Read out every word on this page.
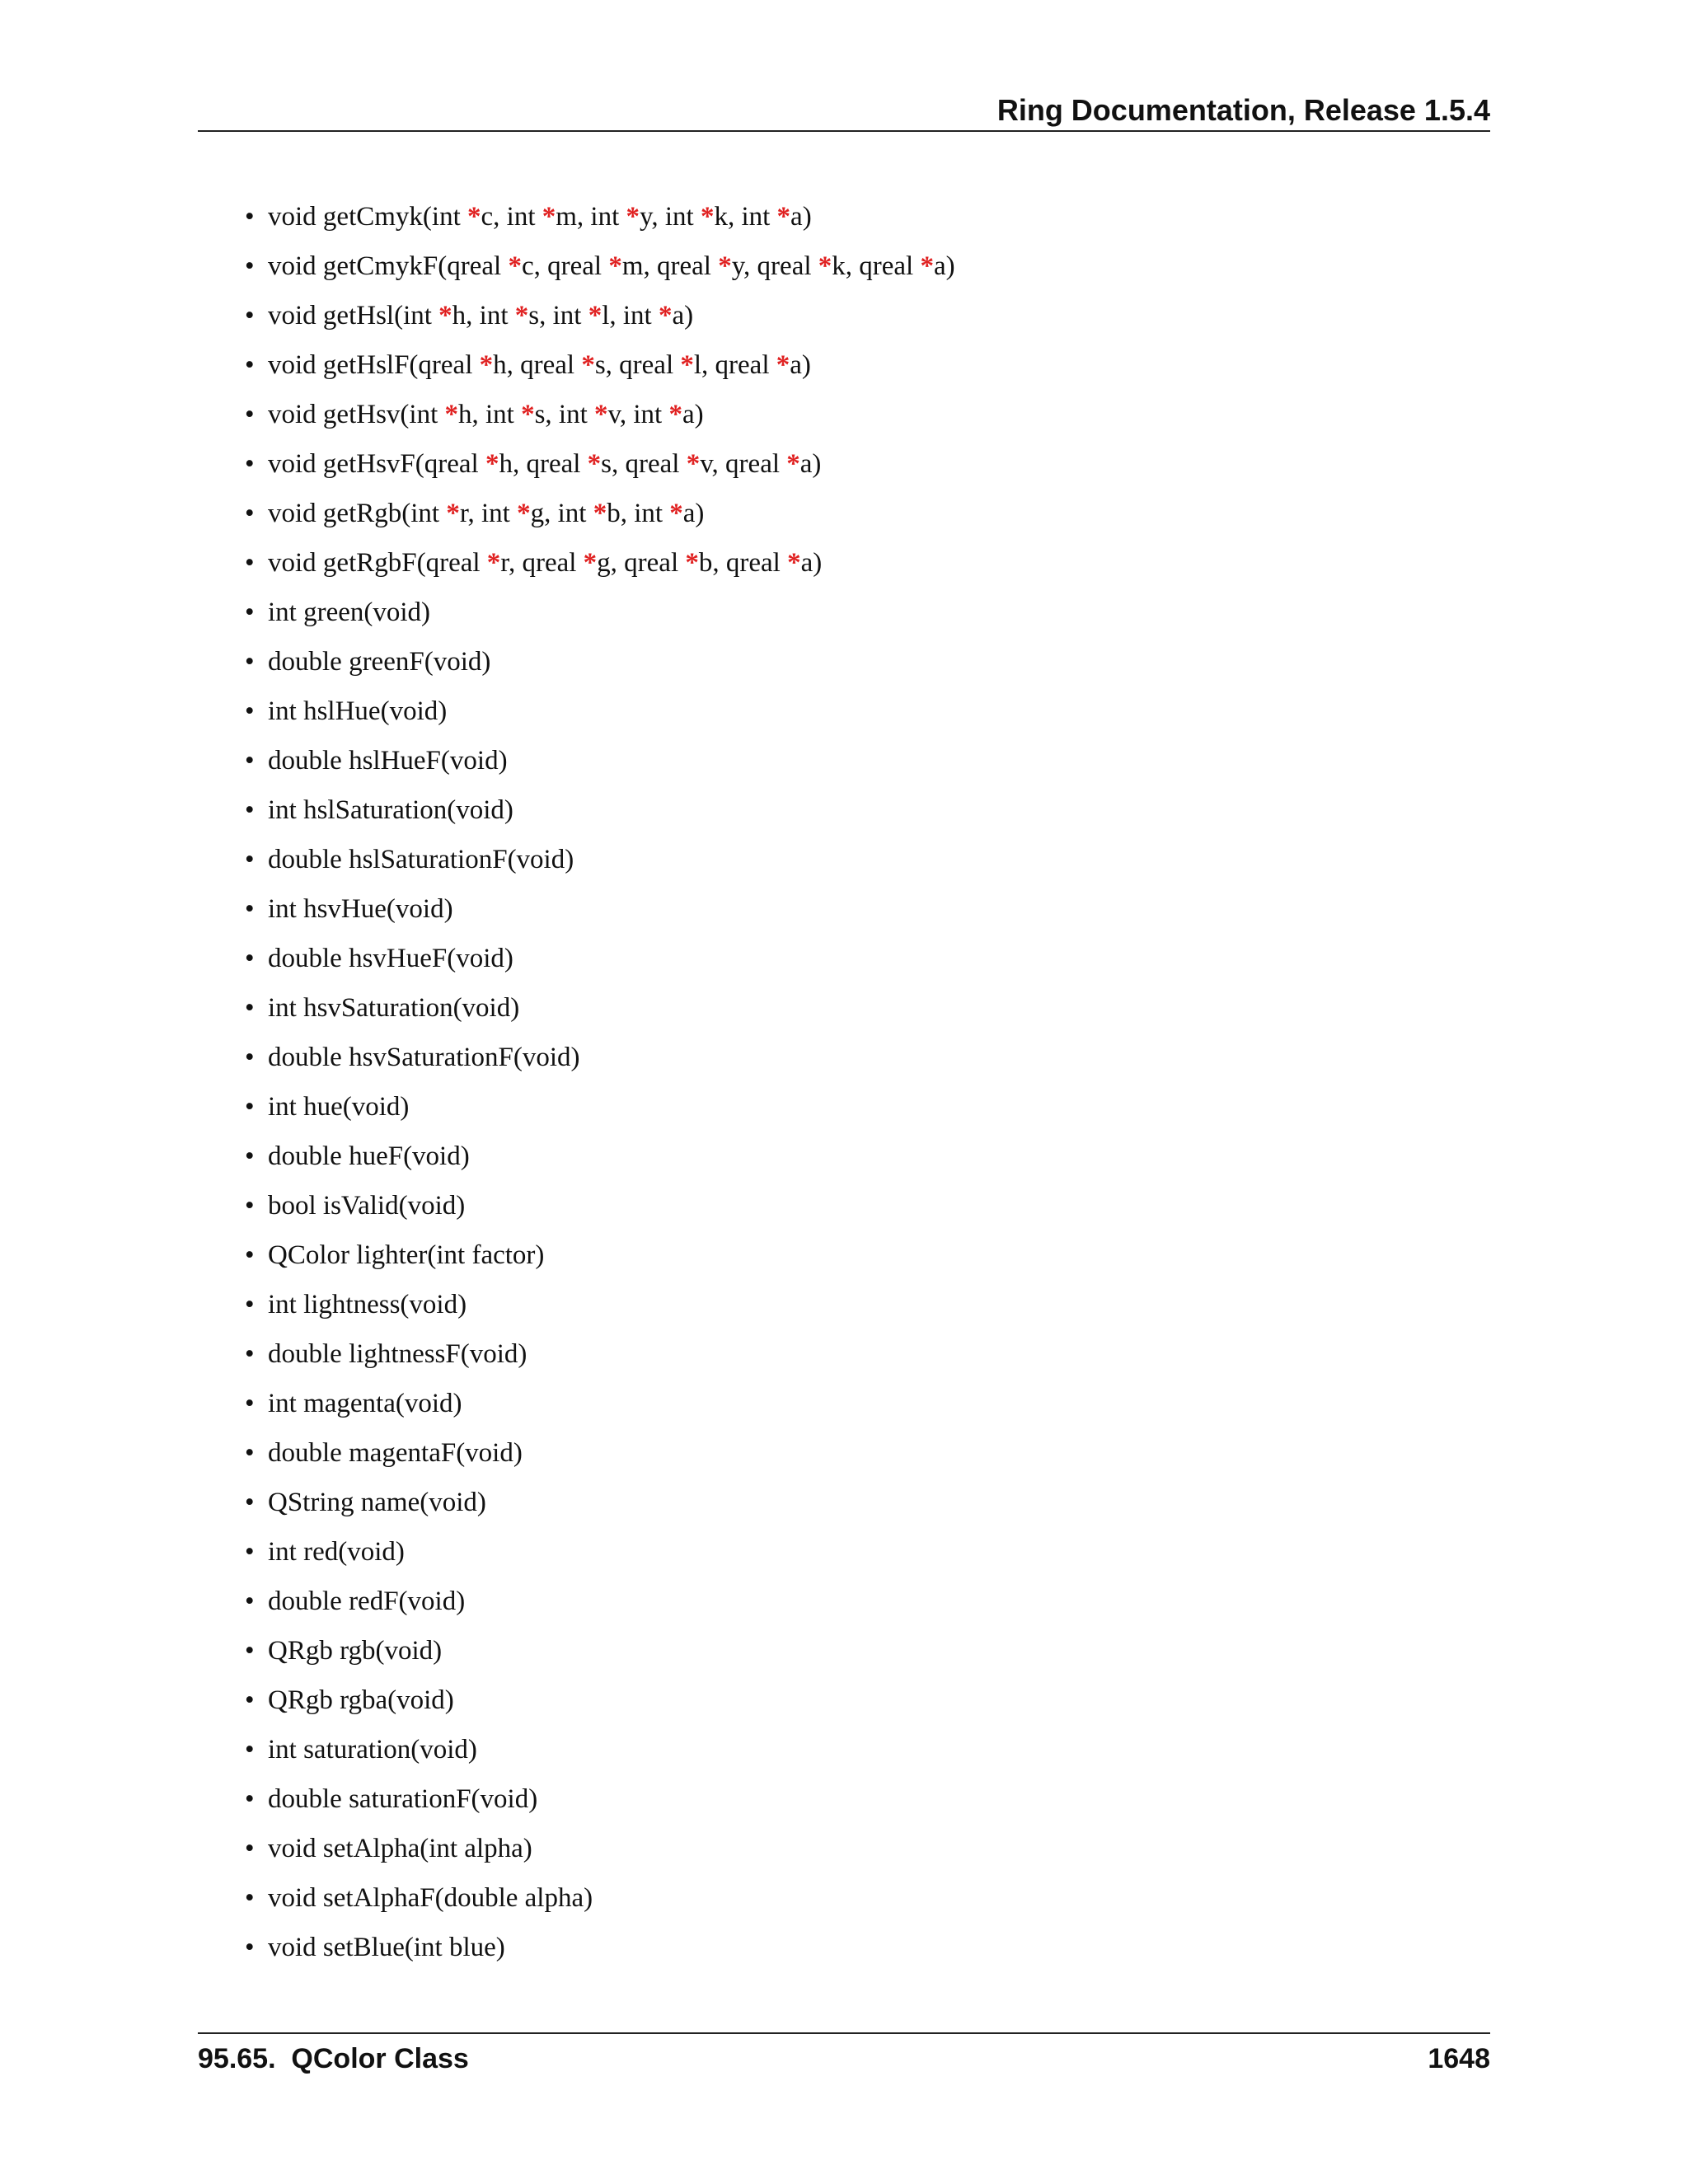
Ring Documentation, Release 1.5.4
• void getCmyk(int *c, int *m, int *y, int *k, int *a)
• void getCmykF(qreal *c, qreal *m, qreal *y, qreal *k, qreal *a)
• void getHsl(int *h, int *s, int *l, int *a)
• void getHslF(qreal *h, qreal *s, qreal *l, qreal *a)
• void getHsv(int *h, int *s, int *v, int *a)
• void getHsvF(qreal *h, qreal *s, qreal *v, qreal *a)
• void getRgb(int *r, int *g, int *b, int *a)
• void getRgbF(qreal *r, qreal *g, qreal *b, qreal *a)
• int green(void)
• double greenF(void)
• int hslHue(void)
• double hslHueF(void)
• int hslSaturation(void)
• double hslSaturationF(void)
• int hsvHue(void)
• double hsvHueF(void)
• int hsvSaturation(void)
• double hsvSaturationF(void)
• int hue(void)
• double hueF(void)
• bool isValid(void)
• QColor lighter(int factor)
• int lightness(void)
• double lightnessF(void)
• int magenta(void)
• double magentaF(void)
• QString name(void)
• int red(void)
• double redF(void)
• QRgb rgb(void)
• QRgb rgba(void)
• int saturation(void)
• double saturationF(void)
• void setAlpha(int alpha)
• void setAlphaF(double alpha)
• void setBlue(int blue)
95.65.  QColor Class	1648
